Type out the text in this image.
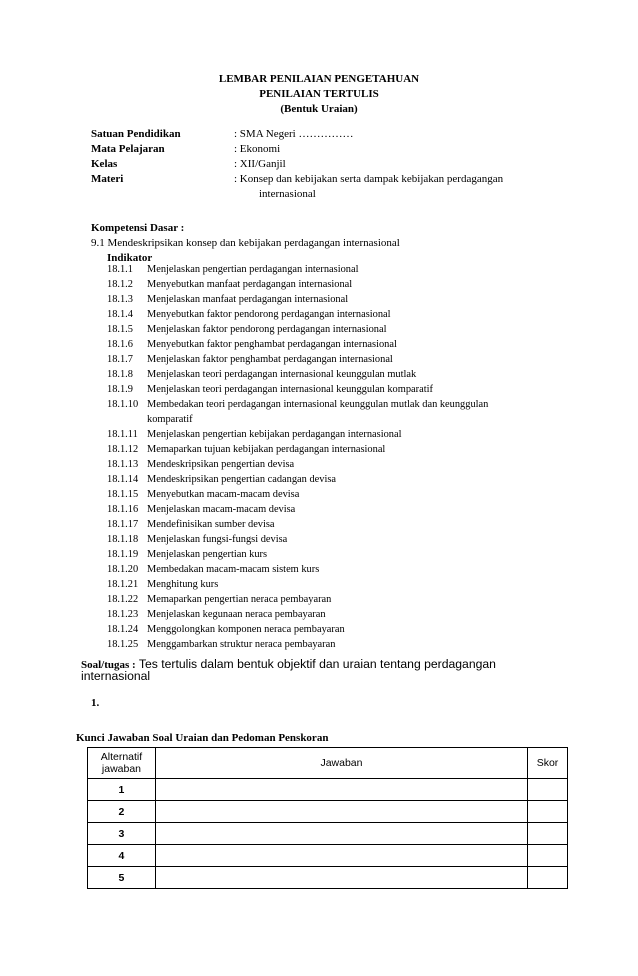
LEMBAR PENILAIAN PENGETAHUAN
PENILAIAN TERTULIS
(Bentuk Uraian)
Satuan Pendidikan	: SMA Negeri ……………
Mata Pelajaran	: Ekonomi
Kelas	: XII/Ganjil
Materi	: Konsep dan kebijakan serta dampak kebijakan perdagangan
internasional
Kompetensi Dasar :
9.1 Mendeskripsikan konsep dan kebijakan perdagangan internasional
Indikator
18.1.1 Menjelaskan pengertian perdagangan internasional
18.1.2 Menyebutkan manfaat perdagangan internasional
18.1.3 Menjelaskan manfaat perdagangan internasional
18.1.4 Menyebutkan faktor pendorong perdagangan internasional
18.1.5 Menjelaskan faktor pendorong perdagangan internasional
18.1.6 Menyebutkan faktor penghambat perdagangan internasional
18.1.7 Menjelaskan faktor penghambat perdagangan internasional
18.1.8 Menjelaskan teori perdagangan internasional keunggulan mutlak
18.1.9 Menjelaskan teori perdagangan internasional keunggulan komparatif
18.1.10 Membedakan teori perdagangan internasional keunggulan mutlak dan keunggulan
komparatif
18.1.11 Menjelaskan pengertian kebijakan perdagangan internasional
18.1.12 Memaparkan tujuan kebijakan perdagangan internasional
18.1.13 Mendeskripsikan pengertian devisa
18.1.14 Mendeskripsikan pengertian cadangan devisa
18.1.15 Menyebutkan macam-macam devisa
18.1.16 Menjelaskan macam-macam devisa
18.1.17 Mendefinisikan sumber devisa
18.1.18 Menjelaskan fungsi-fungsi devisa
18.1.19 Menjelaskan pengertian kurs
18.1.20 Membedakan macam-macam sistem kurs
18.1.21 Menghitung kurs
18.1.22 Memaparkan pengertian neraca pembayaran
18.1.23 Menjelaskan kegunaan neraca pembayaran
18.1.24 Menggolongkan komponen neraca pembayaran
18.1.25 Menggambarkan struktur neraca pembayaran
Soal/tugas : Tes tertulis dalam bentuk objektif dan uraian tentang perdagangan
internasional
1.
Kunci Jawaban Soal Uraian dan Pedoman Penskoran
Alternatif
jawaban	Jawaban	Skor
1		
2		
3		
4		
5		
